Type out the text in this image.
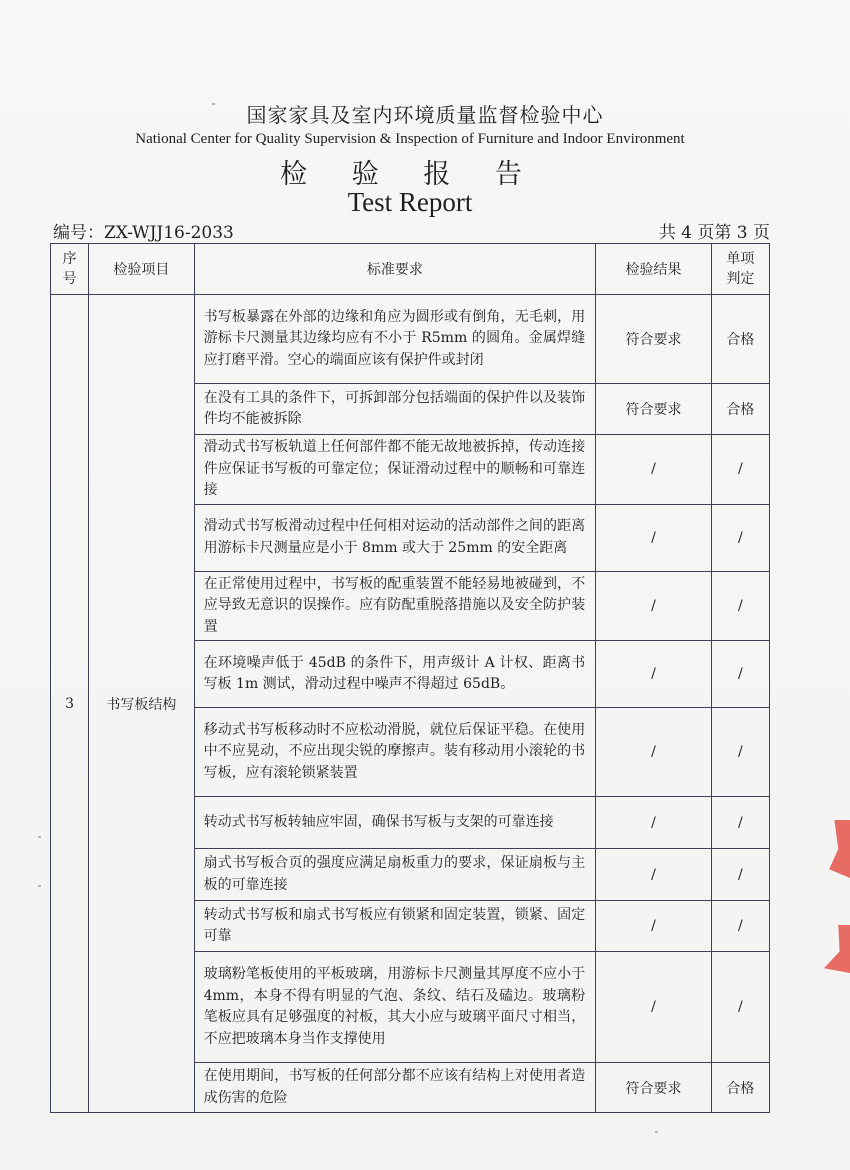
国家家具及室内环境质量监督检验中心
National Center for Quality Supervision & Inspection of Furniture and Indoor Environment
检 验 报 告
Test Report
编号：ZX-WJJ16-2033	共 4 页第 3 页
序号	检验项目	标准要求	检验结果	单项判定
3	书写板结构	书写板暴露在外部的边缘和角应为圆形或有倒角，无毛刺，用游标卡尺测量其边缘均应有不小于 R5mm 的圆角。金属焊缝应打磨平滑。空心的端面应该有保护件或封闭	符合要求	合格
		在没有工具的条件下，可拆卸部分包括端面的保护件以及装饰件均不能被拆除	符合要求	合格
		滑动式书写板轨道上任何部件都不能无故地被拆掉，传动连接件应保证书写板的可靠定位；保证滑动过程中的顺畅和可靠连接	/	/
		滑动式书写板滑动过程中任何相对运动的活动部件之间的距离用游标卡尺测量应是小于 8mm 或大于 25mm 的安全距离	/	/
		在正常使用过程中，书写板的配重装置不能轻易地被碰到，不应导致无意识的误操作。应有防配重脱落措施以及安全防护装置	/	/
		在环境噪声低于 45dB 的条件下，用声级计 A 计权、距离书写板 1m 测试，滑动过程中噪声不得超过 65dB。	/	/
		移动式书写板移动时不应松动滑脱，就位后保证平稳。在使用中不应晃动，不应出现尖锐的摩擦声。装有移动用小滚轮的书写板，应有滚轮锁紧装置	/	/
		转动式书写板转轴应牢固，确保书写板与支架的可靠连接	/	/
		扇式书写板合页的强度应满足扇板重力的要求，保证扇板与主板的可靠连接	/	/
		转动式书写板和扇式书写板应有锁紧和固定装置，锁紧、固定可靠	/	/
		玻璃粉笔板使用的平板玻璃，用游标卡尺测量其厚度不应小于 4mm，本身不得有明显的气泡、条纹、结石及磕边。玻璃粉笔板应具有足够强度的衬板，其大小应与玻璃平面尺寸相当，不应把玻璃本身当作支撑使用	/	/
		在使用期间，书写板的任何部分都不应该有结构上对使用者造成伤害的危险	符合要求	合格
